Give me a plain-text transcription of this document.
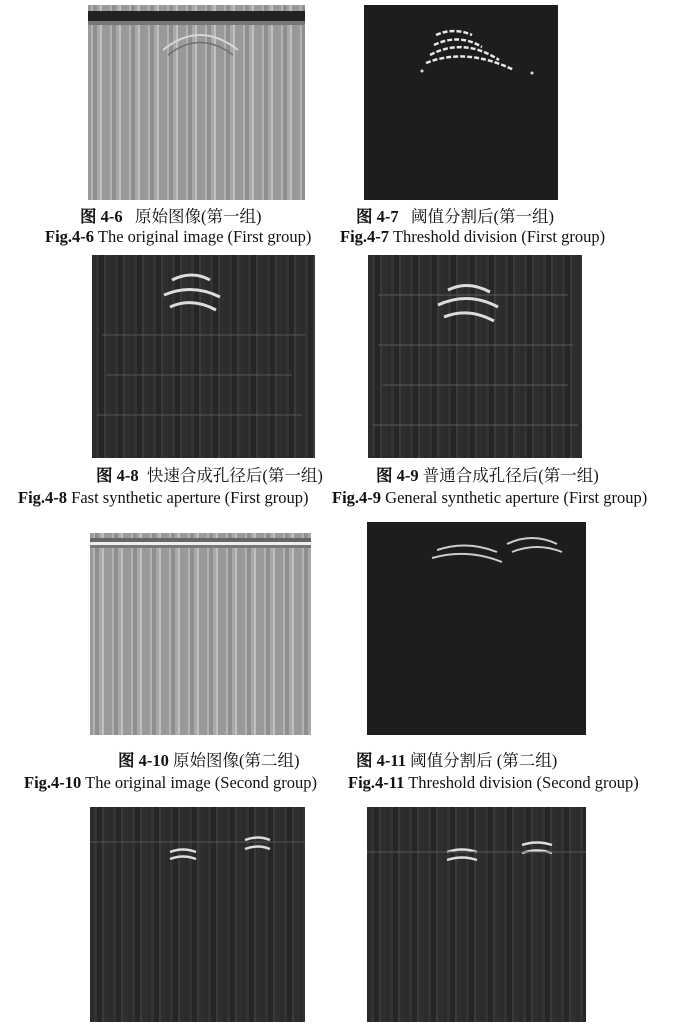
图 4-6 原始图像(第一组)	图 4-7 阈值分割后(第一组)
Fig.4-6 The original image (First group) Fig.4-7 Threshold division (First group)
图 4-8 快速合成孔径后(第一组)	图 4-9 普通合成孔径后(第一组)
Fig.4-8 Fast synthetic aperture (First group) Fig.4-9 General synthetic aperture (First group)
图 4-10 原始图像(第二组)	图 4-11 阈值分割后 (第二组)
Fig.4-10 The original image (Second group) Fig.4-11 Threshold division (Second group)
